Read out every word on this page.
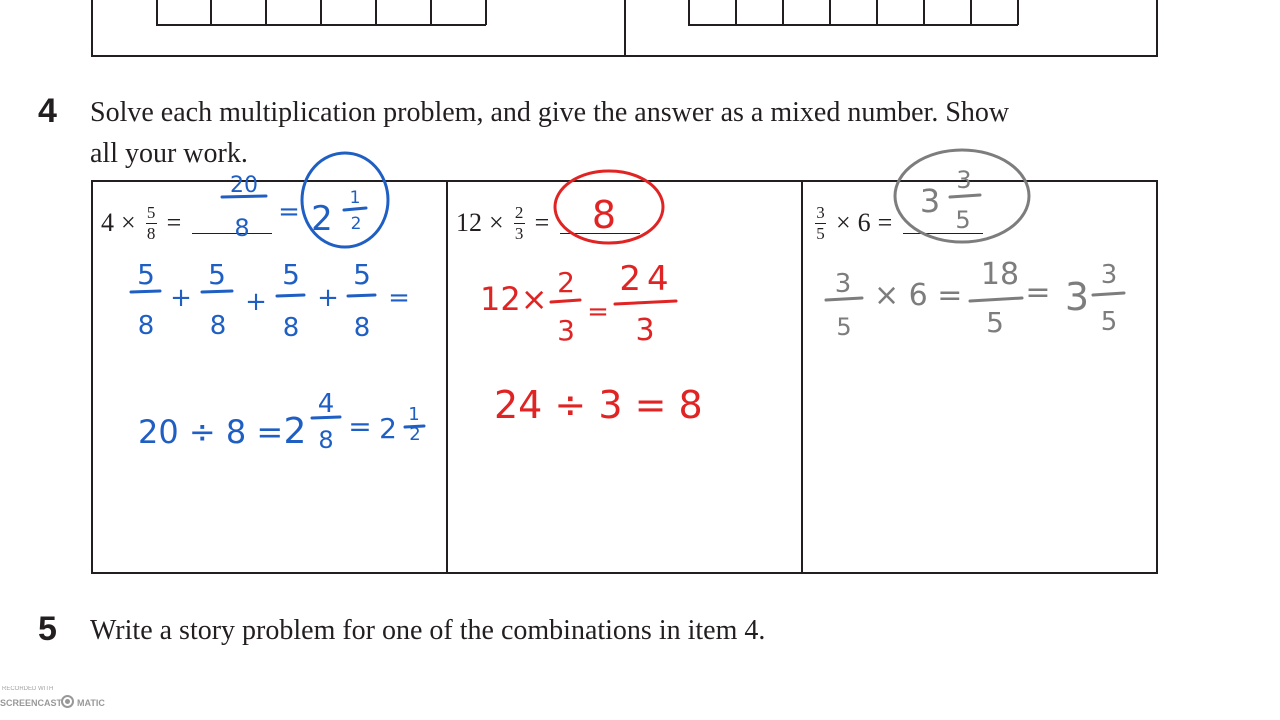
4 Solve each multiplication problem, and give the answer as a mixed number. Show
all your work.
$4 \times \frac{5}{8}$ =	$12 \times \frac{2}{3}$ =	$\frac{3}{5} \times 6$ =
20
8
= 2
1
2
5
8
+
5
8
+
5
8
+
5
8
=
20 ÷ 8 = 2
4
8 = 2 1
2
8
12× 2
3
=
24
3
24 ÷ 3 = 8
3
3
5
3
5
× 6 =
18
5
= 3 3
5
5 Write a story problem for one of the combinations in item 4.
RECORDED WITH
SCREENCAST MATIC
